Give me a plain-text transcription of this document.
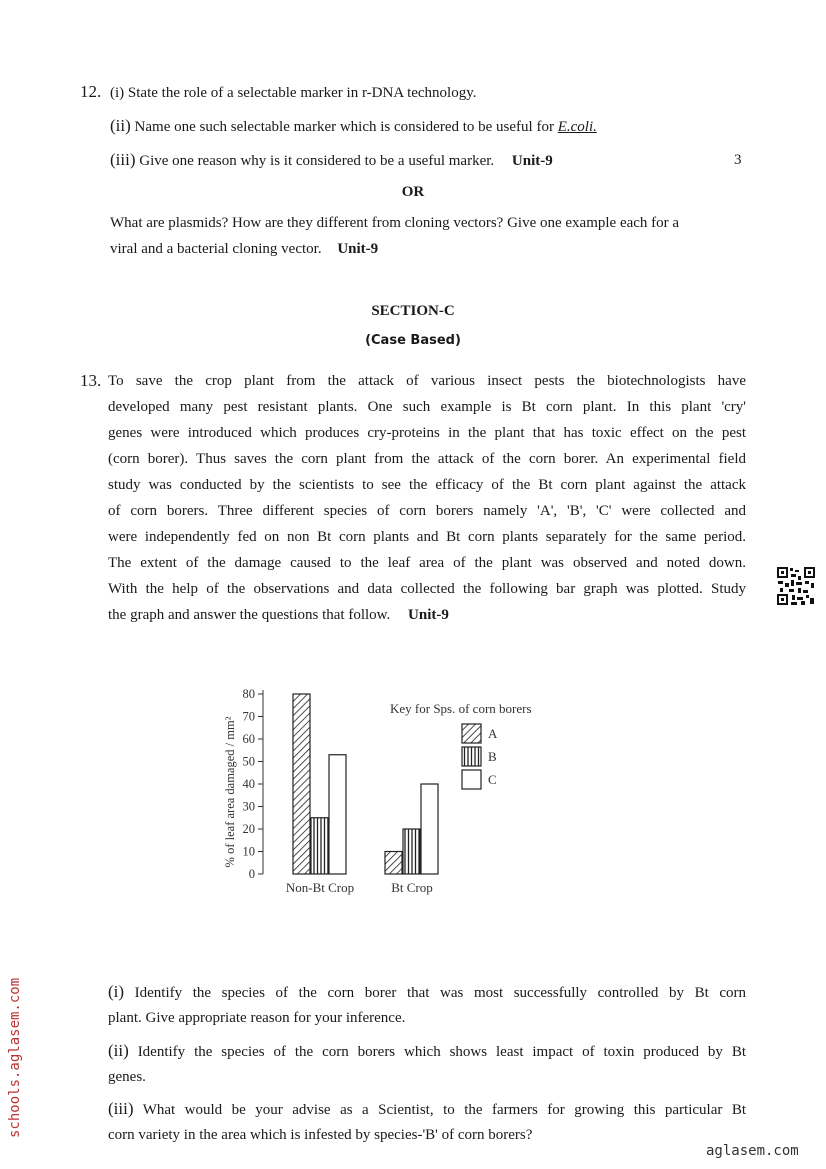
12. (i) State the role of a selectable marker in r-DNA technology.
(ii) Name one such selectable marker which is considered to be useful for E.coli.
(iii) Give one reason why is it considered to be a useful marker. Unit-9	3
OR
What are plasmids? How are they different from cloning vectors? Give one example each for a
viral and a bacterial cloning vector. Unit-9
SECTION-C
(Case Based)
13. To save the crop plant from the attack of various insect pests the biotechnologists have
developed many pest resistant plants. One such example is Bt corn plant. In this plant 'cry'
genes were introduced which produces cry-proteins in the plant that has toxic effect on the pest
(corn borer). Thus saves the corn plant from the attack of the corn borer. An experimental field
study was conducted by the scientists to see the efficacy of the Bt corn plant against the attack
of corn borers. Three different species of corn borers namely 'A', 'B', 'C' were collected and
were independently fed on non Bt corn plants and Bt corn plants separately for the same period.
The extent of the damage caused to the leaf area of the plant was observed and noted down.
With the help of the observations and data collected the following bar graph was plotted. Study
the graph and answer the questions that follow. Unit-9
% of leaf area damaged / mm²
0
10
20
30
40
50
60
70
80
Non-Bt Crop	Bt Crop
Key for Sps. of corn borers
A
B
C
(i) Identify the species of the corn borer that was most successfully controlled by Bt corn
plant. Give appropriate reason for your inference.
(ii) Identify the species of the corn borers which shows least impact of toxin produced by Bt
genes.
(iii) What would be your advise as a Scientist, to the farmers for growing this particular Bt
corn variety in the area which is infested by species-'B' of corn borers?
schools.aglasem.com
aglasem.com
